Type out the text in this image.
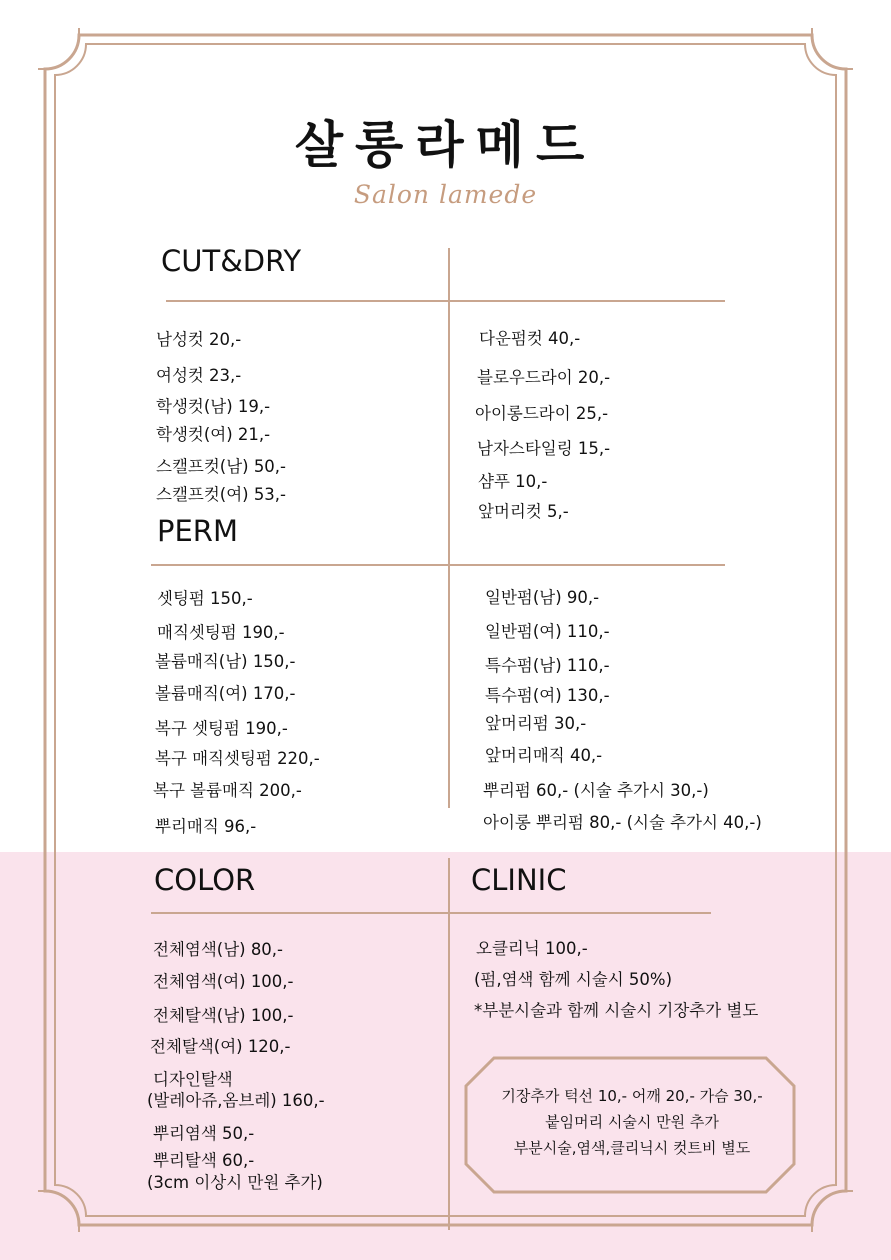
살롱라메드
Salon lamede
CUT&DRY
남성컷 20,-
여성컷 23,-
학생컷(남) 19,-
학생컷(여) 21,-
스캘프컷(남) 50,-
스캘프컷(여) 53,-
다운펌컷 40,-
블로우드라이 20,-
아이롱드라이 25,-
남자스타일링 15,-
샴푸 10,-
앞머리컷 5,-
PERM
셋팅펌 150,-
매직셋팅펌 190,-
볼륨매직(남) 150,-
볼륨매직(여) 170,-
복구 셋팅펌 190,-
복구 매직셋팅펌 220,-
복구 볼륨매직 200,-
뿌리매직 96,-
일반펌(남) 90,-
일반펌(여) 110,-
특수펌(남) 110,-
특수펌(여) 130,-
앞머리펌 30,-
앞머리매직 40,-
뿌리펌 60,- (시술 추가시 30,-)
아이롱 뿌리펌 80,- (시술 추가시 40,-)
COLOR
전체염색(남) 80,-
전체염색(여) 100,-
전체탈색(남) 100,-
전체탈색(여) 120,-
디자인탈색
(발레아쥬,옴브레) 160,-
뿌리염색 50,-
뿌리탈색 60,-
(3cm 이상시 만원 추가)
CLINIC
오클리닉 100,-
(펌,염색 함께 시술시 50%)
*부분시술과 함께 시술시 기장추가 별도
기장추가 턱선 10,- 어깨 20,- 가슴 30,-
붙임머리 시술시 만원 추가
부분시술,염색,클리닉시 컷트비 별도
